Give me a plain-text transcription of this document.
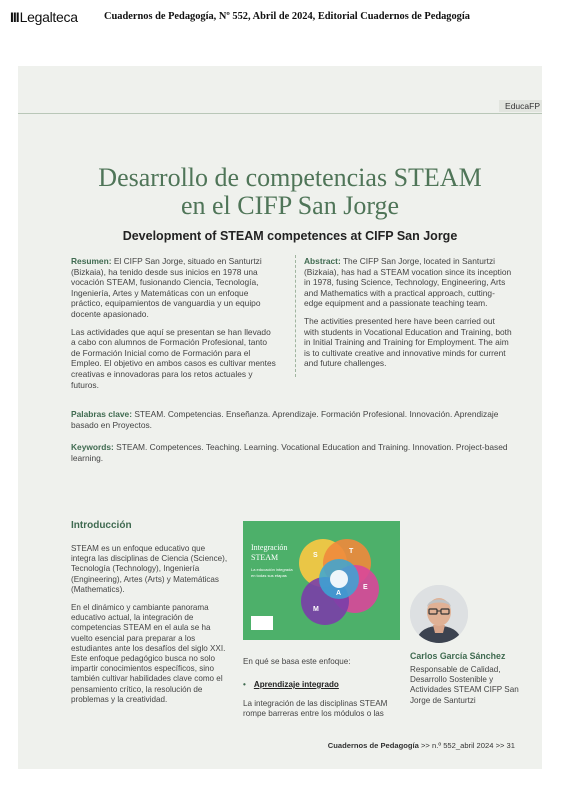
IIILegalteca	Cuadernos de Pedagogía, Nº 552, Abril de 2024, Editorial Cuadernos de Pedagogía
EducaFP
Desarrollo de competencias STEAM
en el CIFP San Jorge
Development of STEAM competences at CIFP San Jorge

Resumen: El CIFP San Jorge, situado en Santurtzi (Bizkaia), ha tenido desde sus inicios en 1978 una vocación STEAM, fusionando Ciencia, Tecnología, Ingeniería, Artes y Matemáticas con un enfoque práctico, equipamientos de vanguardia y un equipo docente apasionado.

Las actividades que aquí se presentan se han llevado a cabo con alumnos de Formación Profesional, tanto de Formación Inicial como de Formación para el Empleo. El objetivo en ambos casos es cultivar mentes creativas e innovadoras para los retos actuales y futuros.

Abstract: The CIFP San Jorge, located in Santurtzi (Bizkaia), has had a STEAM vocation since its inception in 1978, fusing Science, Technology, Engineering, Arts and Mathematics with a practical approach, cutting-edge equipment and a passionate teaching team.

The activities presented here have been carried out with students in Vocational Education and Training, both in Initial Training and Training for Employment. The aim is to cultivate creative and innovative minds for current and future challenges.

Palabras clave: STEAM. Competencias. Enseñanza. Aprendizaje. Formación Profesional. Innovación. Aprendizaje basado en Proyectos.
Keywords: STEAM. Competences. Teaching. Learning. Vocational Education and Training. Innovation. Project-based learning.
Introducción

STEAM es un enfoque educativo que integra las disciplinas de Ciencia (Science), Tecnología (Technology), Ingeniería (Engineering), Artes (Arts) y Matemáticas (Mathematics).

En el dinámico y cambiante panorama educativo actual, la integración de competencias STEAM en el aula se ha vuelto esencial para preparar a los estudiantes ante los desafíos del siglo XXI. Este enfoque pedagógico busca no solo impartir conocimientos específicos, sino también cultivar habilidades clave como el pensamiento crítico, la resolución de problemas y la creatividad.

Integración
STEAM
La educación integrada
en todas sus etapas
S
T
E
M
A
En qué se basa este enfoque:
• Aprendizaje integrado
La integración de las disciplinas STEAM rompe barreras entre los módulos o las
Carlos García Sánchez
Responsable de Calidad, Desarrollo Sostenible y Actividades STEAM CIFP San Jorge de Santurtzi
Cuadernos de Pedagogía >> n.º 552_abril 2024 >> 31
